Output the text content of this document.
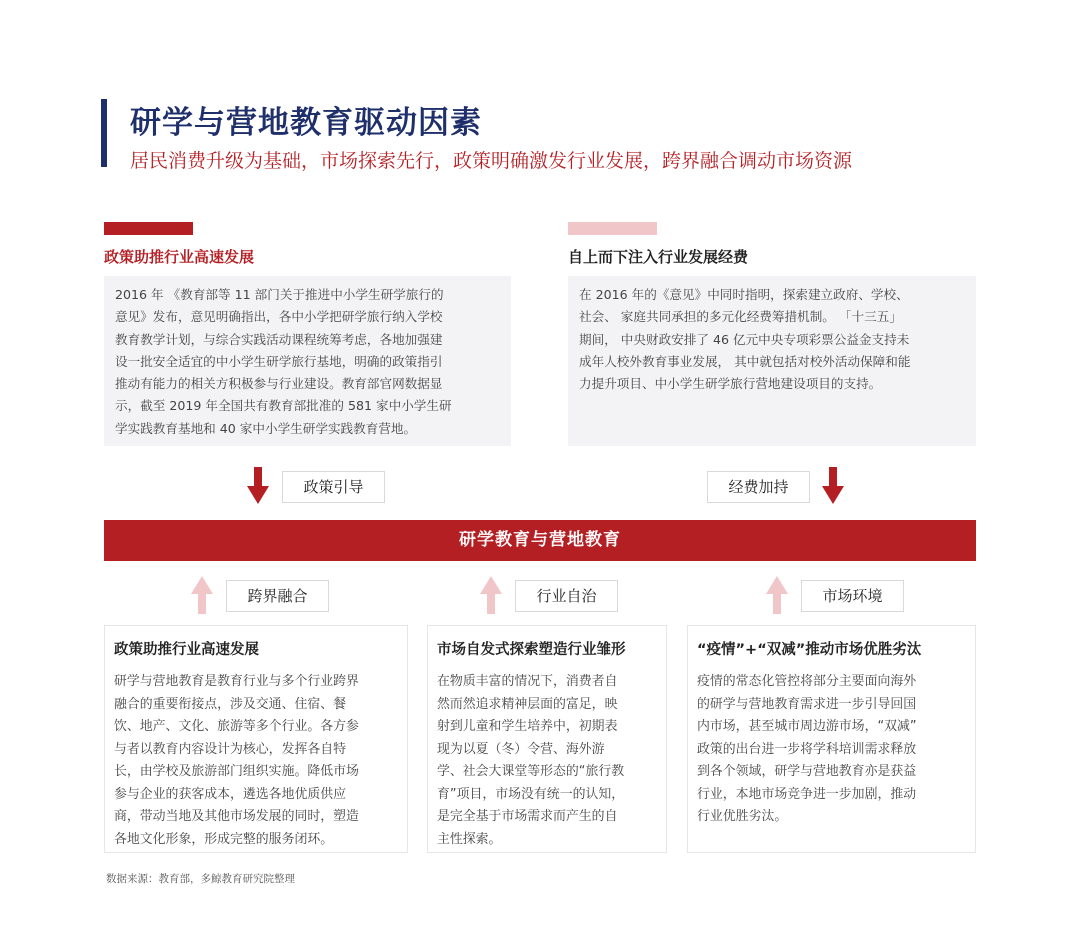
研学与营地教育驱动因素
居民消费升级为基础，市场探索先行，政策明确激发行业发展，跨界融合调动市场资源
政策助推行业高速发展
2016 年 《教育部等 11 部门关于推进中小学生研学旅行的
意见》发布，意见明确指出，各中小学把研学旅行纳入学校
教育教学计划，与综合实践活动课程统筹考虑，各地加强建
设一批安全适宜的中小学生研学旅行基地，明确的政策指引
推动有能力的相关方积极参与行业建设。教育部官网数据显
示，截至 2019 年全国共有教育部批准的 581 家中小学生研
学实践教育基地和 40 家中小学生研学实践教育营地。
自上而下注入行业发展经费
在 2016 年的《意见》中同时指明，探索建立政府、学校、
社会、 家庭共同承担的多元化经费筹措机制。 「十三五」
期间， 中央财政安排了 46 亿元中央专项彩票公益金支持未
成年人校外教育事业发展， 其中就包括对校外活动保障和能
力提升项目、中小学生研学旅行营地建设项目的支持。
政策引导	经费加持
研学教育与营地教育
跨界融合	行业自治	市场环境
政策助推行业高速发展
研学与营地教育是教育行业与多个行业跨界
融合的重要衔接点，涉及交通、住宿、餐
饮、地产、文化、旅游等多个行业。各方参
与者以教育内容设计为核心，发挥各自特
长，由学校及旅游部门组织实施。降低市场
参与企业的获客成本，遴选各地优质供应
商，带动当地及其他市场发展的同时，塑造
各地文化形象，形成完整的服务闭环。
市场自发式探索塑造行业雏形
在物质丰富的情况下，消费者自
然而然追求精神层面的富足，映
射到儿童和学生培养中，初期表
现为以夏（冬）令营、海外游
学、社会大课堂等形态的“旅行教
育”项目，市场没有统一的认知，
是完全基于市场需求而产生的自
主性探索。
“疫情”+“双减”推动市场优胜劣汰
疫情的常态化管控将部分主要面向海外
的研学与营地教育需求进一步引导回国
内市场，甚至城市周边游市场，“双减”
政策的出台进一步将学科培训需求释放
到各个领域，研学与营地教育亦是获益
行业，本地市场竞争进一步加剧，推动
行业优胜劣汰。
数据来源：教育部，多鲸教育研究院整理
